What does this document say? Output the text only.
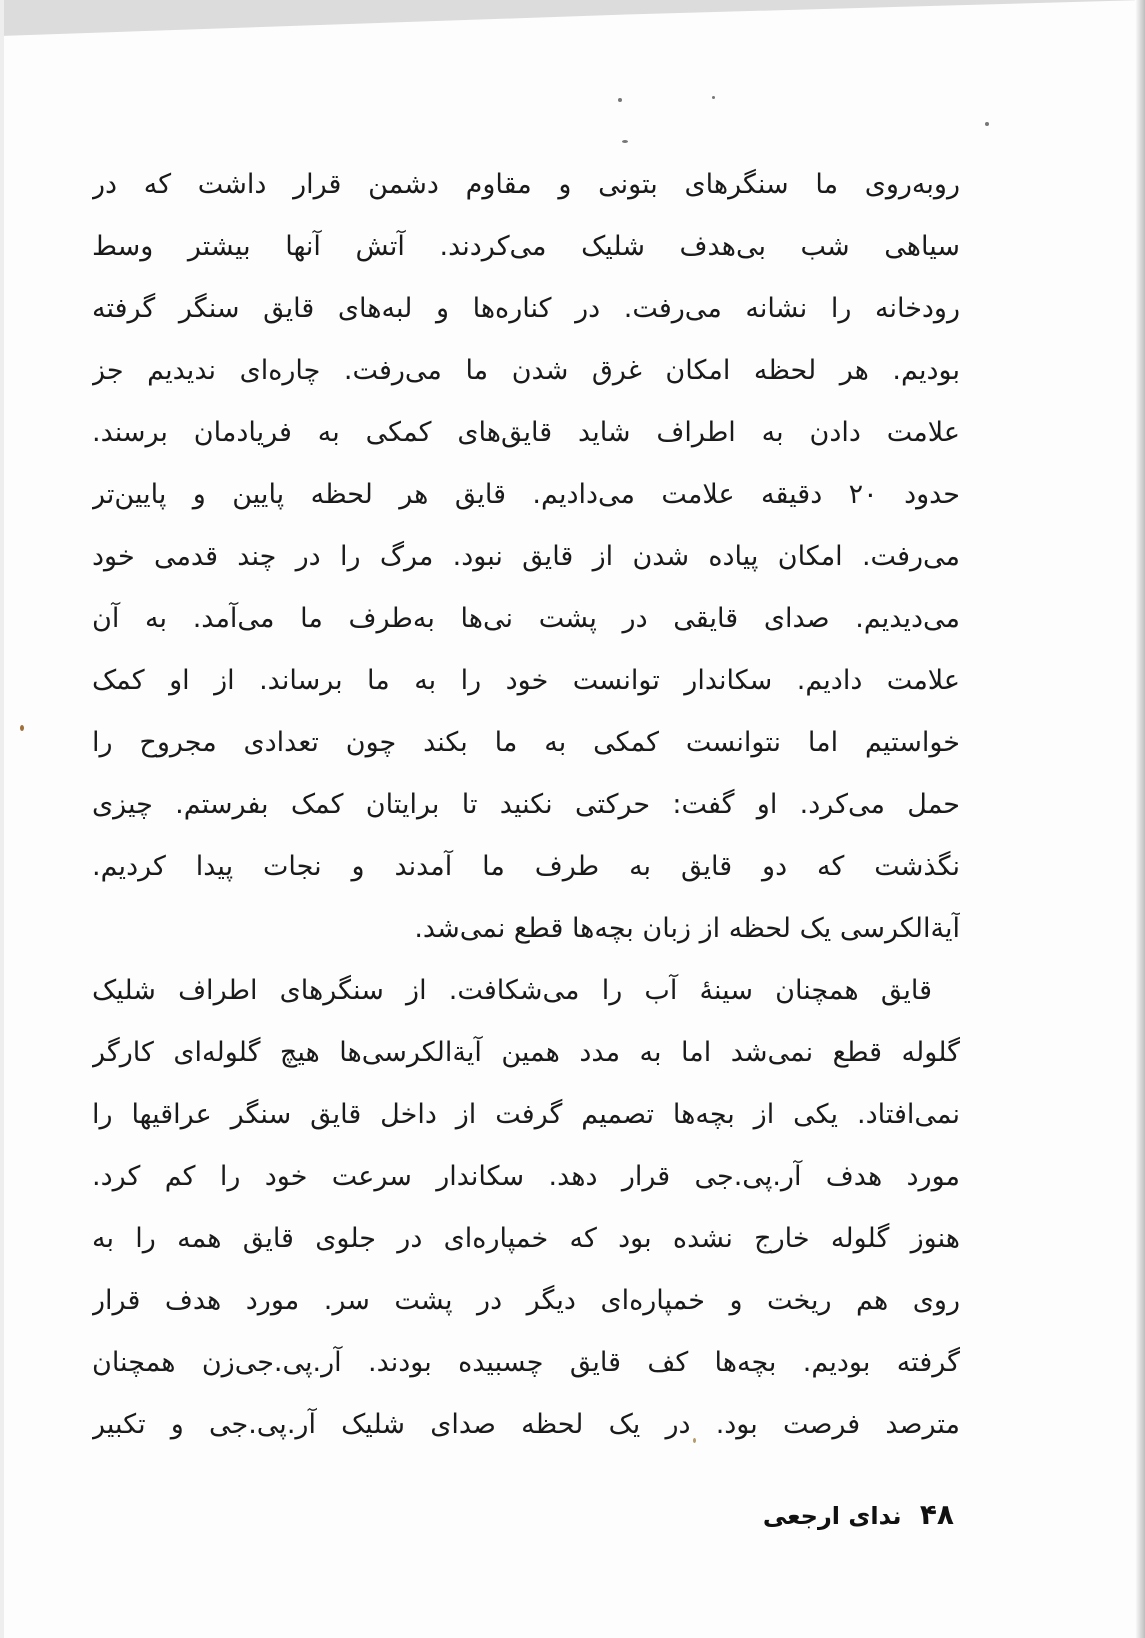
روبه‌روی ما سنگرهای بتونی و مقاوم دشمن قرار داشت که در
سیاهی شب بی‌هدف شلیک می‌کردند. آتش آنها بیشتر وسط
رودخانه را نشانه می‌رفت. در کناره‌ها و لبه‌های قایق سنگر گرفته
بودیم. هر لحظه امکان غرق شدن ما می‌رفت. چاره‌ای ندیدیم جز
علامت دادن به اطراف شاید قایق‌های کمکی به فریادمان برسند.
حدود ۲۰ دقیقه علامت می‌دادیم. قایق هر لحظه پایین و پایین‌تر
می‌رفت. امکان پیاده شدن از قایق نبود. مرگ را در چند قدمی خود
می‌دیدیم. صدای قایقی در پشت نی‌ها به‌طرف ما می‌آمد. به آن
علامت دادیم. سکاندار توانست خود را به ما برساند. از او کمک
خواستیم اما نتوانست کمکی به ما بکند چون تعدادی مجروح را
حمل می‌کرد. او گفت: حرکتی نکنید تا برایتان کمک بفرستم. چیزی
نگذشت که دو قایق به طرف ما آمدند و نجات پیدا کردیم.
آیة‌الکرسی یک لحظه از زبان بچه‌ها قطع نمی‌شد.
قایق همچنان سینهٔ آب را می‌شکافت. از سنگرهای اطراف شلیک
گلوله قطع نمی‌شد اما به مدد همین آیة‌الکرسی‌ها هیچ گلوله‌ای کارگر
نمی‌افتاد. یکی از بچه‌ها تصمیم گرفت از داخل قایق سنگر عراقیها را
مورد هدف آر.پی.جی قرار دهد. سکاندار سرعت خود را کم کرد.
هنوز گلوله خارج نشده بود که خمپاره‌ای در جلوی قایق همه را به
روی هم ریخت و خمپاره‌ای دیگر در پشت سر. مورد هدف قرار
گرفته بودیم. بچه‌ها کف قایق چسبیده بودند. آر.پی.جی‌زن همچنان
مترصد فرصت بود. در یک لحظه صدای شلیک آر.پی.جی و تکبیر
۴۸ ندای ارجعی
